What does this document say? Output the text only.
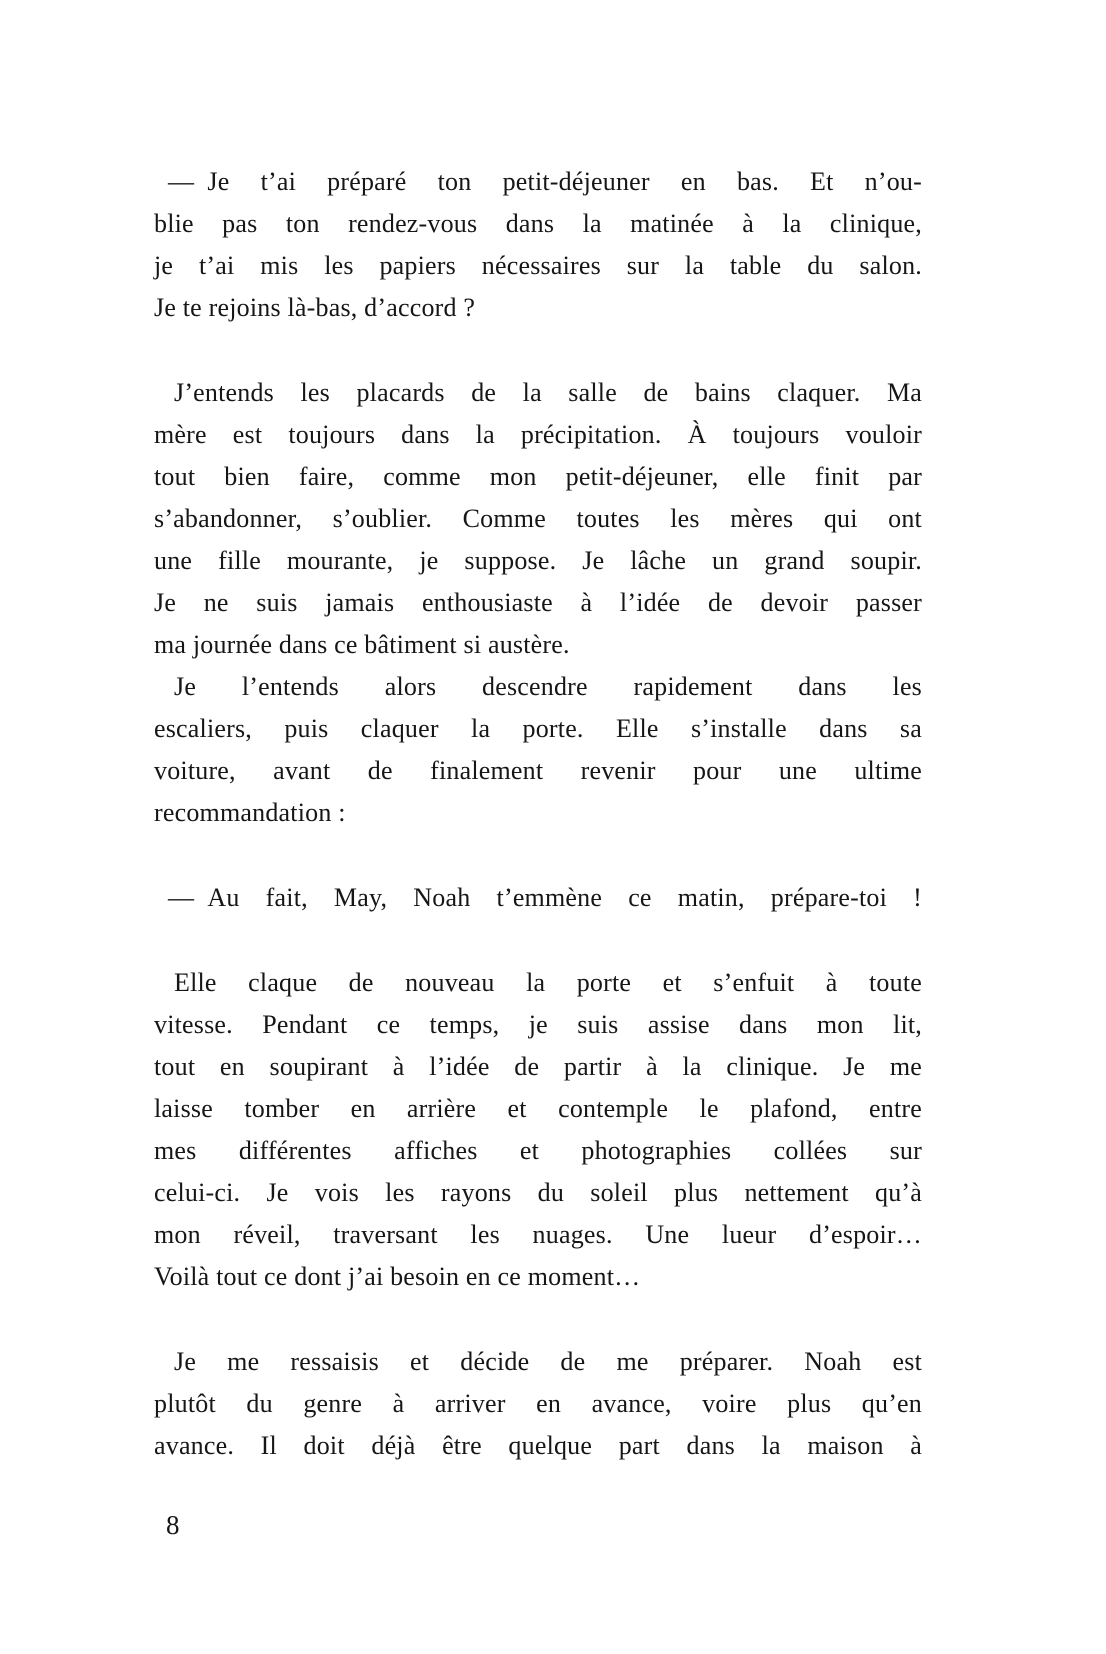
— Je t’ai préparé ton petit-déjeuner en bas. Et n’ou-
blie pas ton rendez-vous dans la matinée à la clinique,
je t’ai mis les papiers nécessaires sur la table du salon.
Je te rejoins là-bas, d’accord ?

J’entends les placards de la salle de bains claquer. Ma
mère est toujours dans la précipitation. À toujours vouloir
tout bien faire, comme mon petit-déjeuner, elle finit par
s’abandonner, s’oublier. Comme toutes les mères qui ont
une fille mourante, je suppose. Je lâche un grand soupir.
Je ne suis jamais enthousiaste à l’idée de devoir passer
ma journée dans ce bâtiment si austère.

Je l’entends alors descendre rapidement dans les
escaliers, puis claquer la porte. Elle s’installe dans sa
voiture, avant de finalement revenir pour une ultime
recommandation :

— Au fait, May, Noah t’emmène ce matin, prépare-toi !

Elle claque de nouveau la porte et s’enfuit à toute
vitesse. Pendant ce temps, je suis assise dans mon lit,
tout en soupirant à l’idée de partir à la clinique. Je me
laisse tomber en arrière et contemple le plafond, entre
mes différentes affiches et photographies collées sur
celui-ci. Je vois les rayons du soleil plus nettement qu’à
mon réveil, traversant les nuages. Une lueur d’espoir…
Voilà tout ce dont j’ai besoin en ce moment…

Je me ressaisis et décide de me préparer. Noah est
plutôt du genre à arriver en avance, voire plus qu’en
avance. Il doit déjà être quelque part dans la maison à

8
